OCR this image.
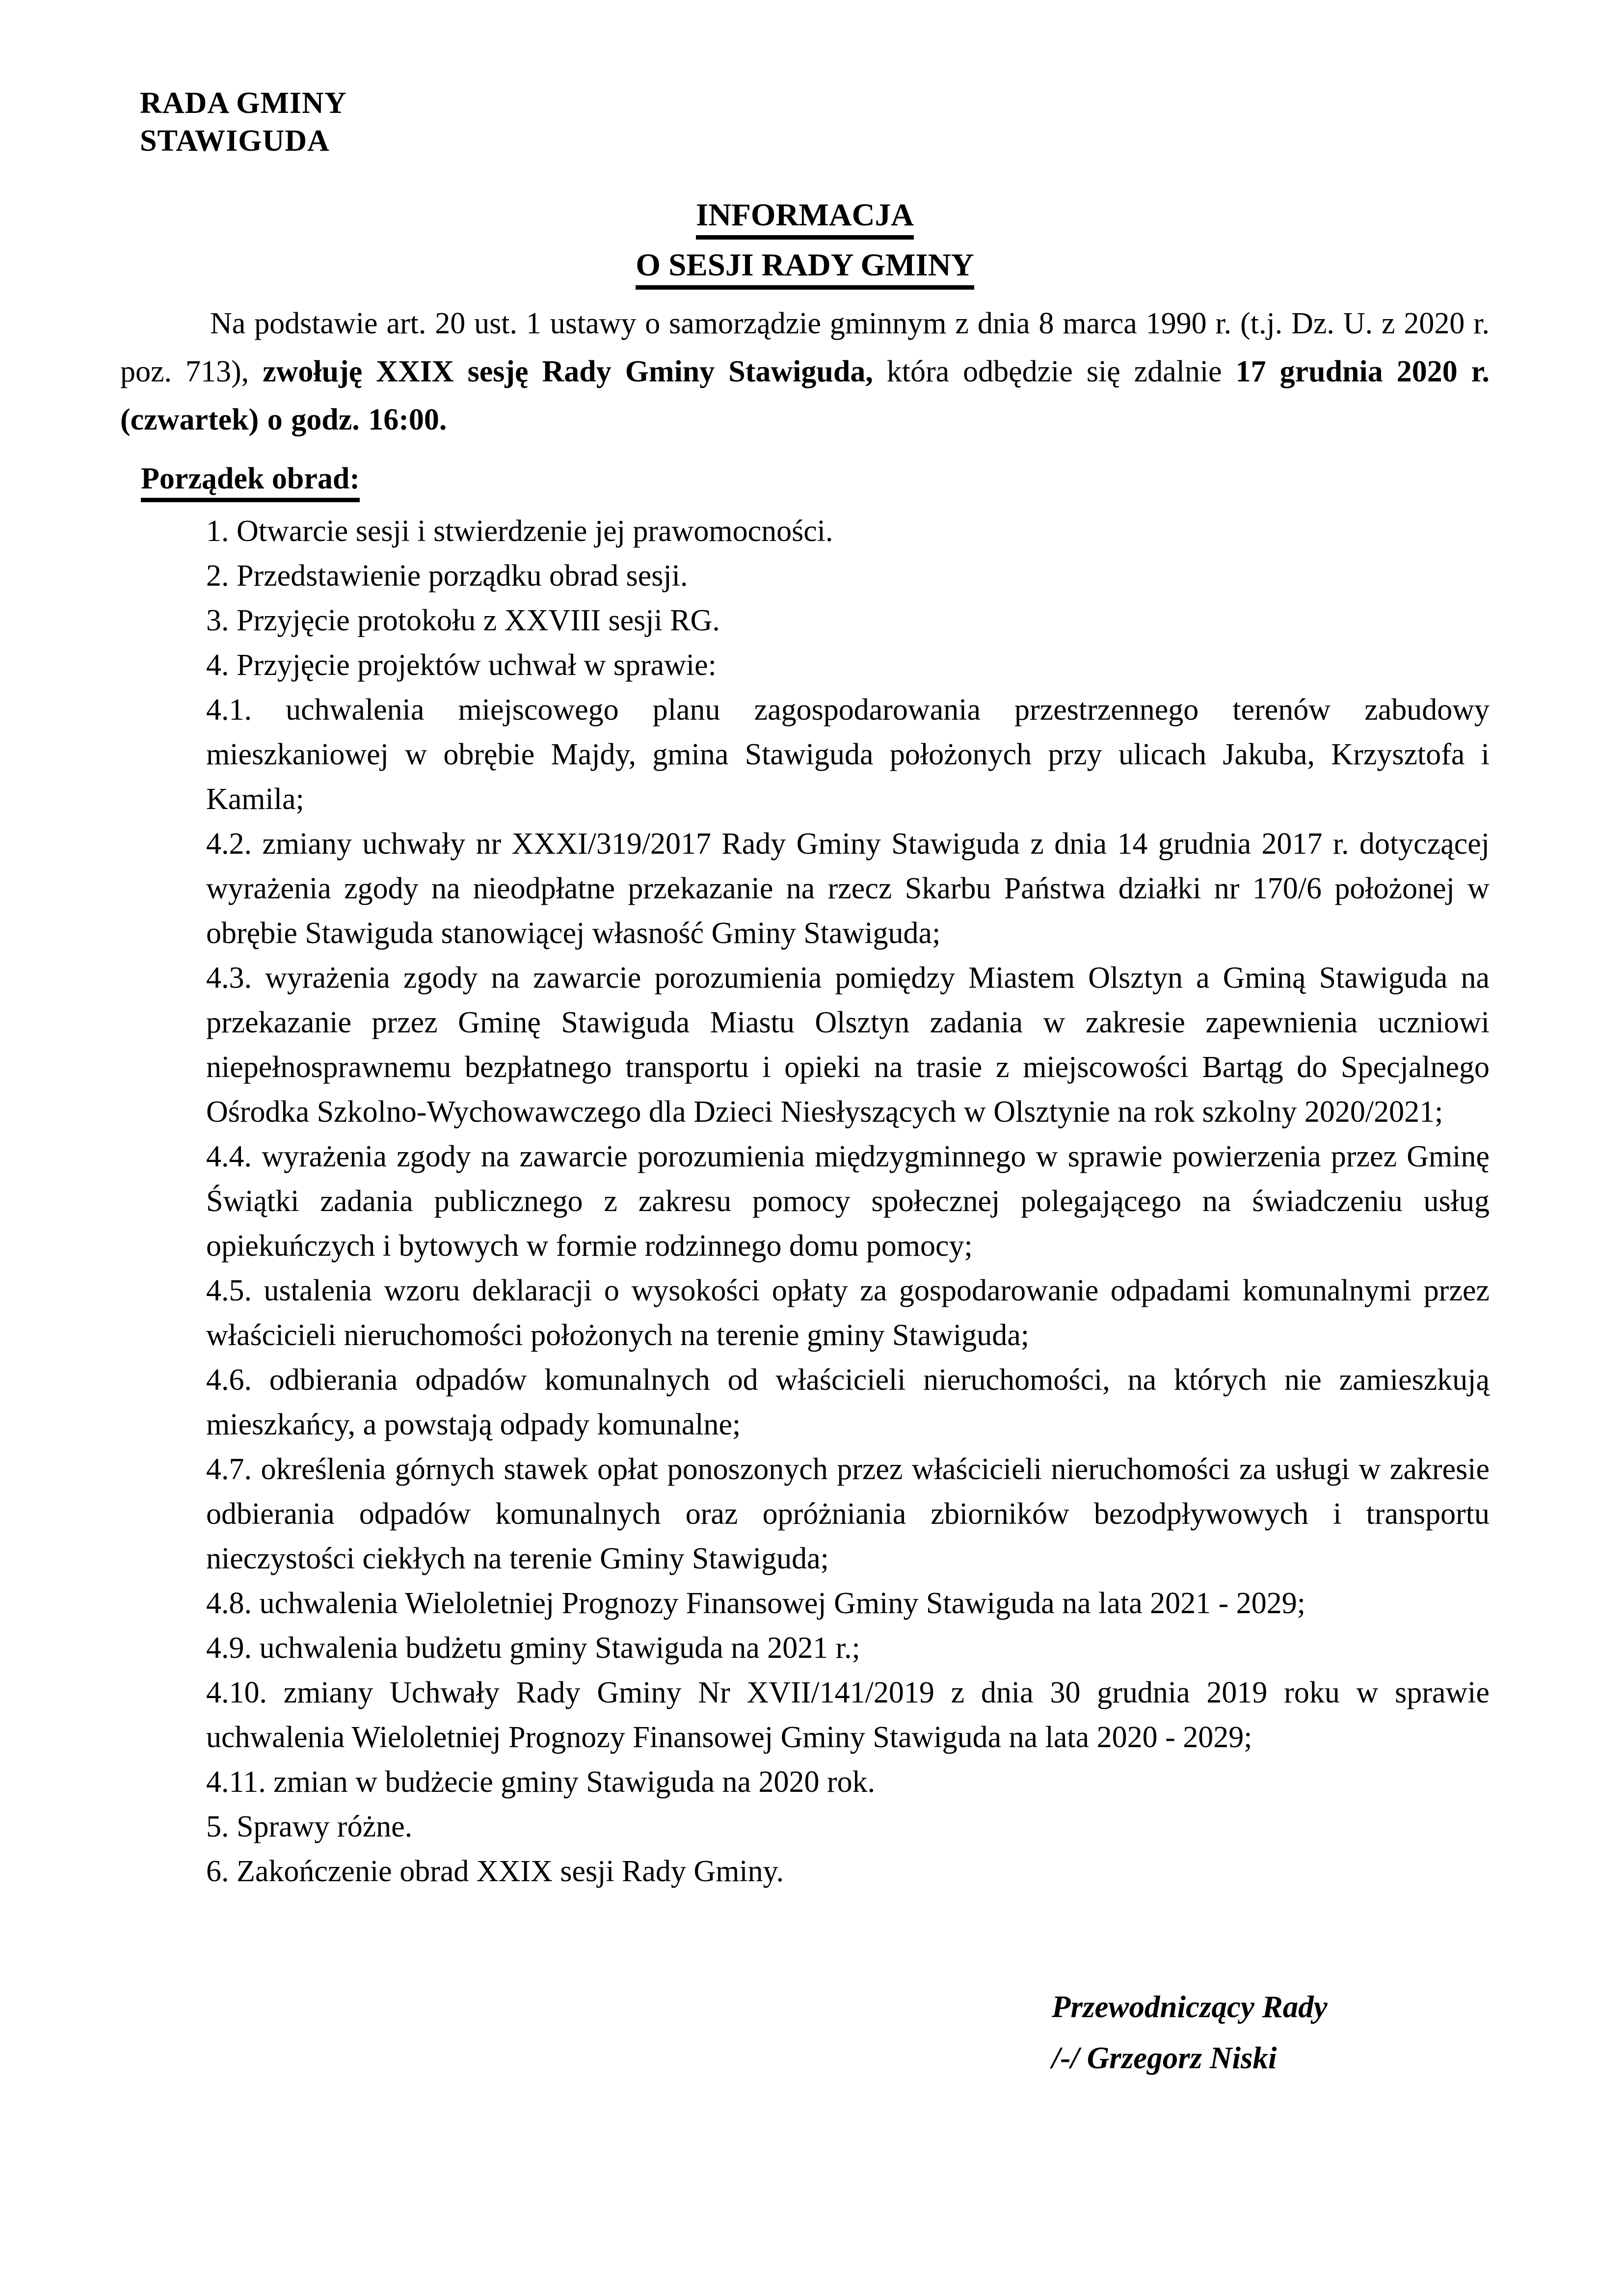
RADA GMINY
STAWIGUDA
INFORMACJA
O SESJI RADY GMINY

Na podstawie art. 20 ust. 1 ustawy o samorządzie gminnym z dnia 8 marca 1990 r. (t.j. Dz. U. z 2020 r. poz. 713), zwołuję XXIX sesję Rady Gminy Stawiguda, która odbędzie się zdalnie 17 grudnia 2020 r. (czwartek) o godz. 16:00.

Porządek obrad:

1. Otwarcie sesji i stwierdzenie jej prawomocności.

2. Przedstawienie porządku obrad sesji.

3. Przyjęcie protokołu z XXVIII sesji RG.

4. Przyjęcie projektów uchwał w sprawie:

4.1. uchwalenia miejscowego planu zagospodarowania przestrzennego terenów zabudowy mieszkaniowej w obrębie Majdy, gmina Stawiguda położonych przy ulicach Jakuba, Krzysztofa i Kamila;

4.2. zmiany uchwały nr XXXI/319/2017 Rady Gminy Stawiguda z dnia 14 grudnia 2017 r. dotyczącej wyrażenia zgody na nieodpłatne przekazanie na rzecz Skarbu Państwa działki nr 170/6 położonej w obrębie Stawiguda stanowiącej własność Gminy Stawiguda;

4.3. wyrażenia zgody na zawarcie porozumienia pomiędzy Miastem Olsztyn a Gminą Stawiguda na przekazanie przez Gminę Stawiguda Miastu Olsztyn zadania w zakresie zapewnienia uczniowi niepełnosprawnemu bezpłatnego transportu i opieki na trasie z miejscowości Bartąg do Specjalnego Ośrodka Szkolno-Wychowawczego dla Dzieci Niesłyszących w Olsztynie na rok szkolny 2020/2021;

4.4. wyrażenia zgody na zawarcie porozumienia międzygminnego w sprawie powierzenia przez Gminę Świątki zadania publicznego z zakresu pomocy społecznej polegającego na świadczeniu usług opiekuńczych i bytowych w formie rodzinnego domu pomocy;

4.5. ustalenia wzoru deklaracji o wysokości opłaty za gospodarowanie odpadami komunalnymi przez właścicieli nieruchomości położonych na terenie gminy Stawiguda;

4.6. odbierania odpadów komunalnych od właścicieli nieruchomości, na których nie zamieszkują mieszkańcy, a powstają odpady komunalne;

4.7. określenia górnych stawek opłat ponoszonych przez właścicieli nieruchomości za usługi w zakresie odbierania odpadów komunalnych oraz opróżniania zbiorników bezodpływowych i transportu nieczystości ciekłych na terenie Gminy Stawiguda;

4.8. uchwalenia Wieloletniej Prognozy Finansowej Gminy Stawiguda na lata 2021 - 2029;

4.9. uchwalenia budżetu gminy Stawiguda na 2021 r.;

4.10. zmiany Uchwały Rady Gminy Nr XVII/141/2019 z dnia 30 grudnia 2019 roku w sprawie uchwalenia Wieloletniej Prognozy Finansowej Gminy Stawiguda na lata 2020 - 2029;

4.11. zmian w budżecie gminy Stawiguda na 2020 rok.

5. Sprawy różne.

6. Zakończenie obrad XXIX sesji Rady Gminy.

Przewodniczący Rady
/-/ Grzegorz Niski
